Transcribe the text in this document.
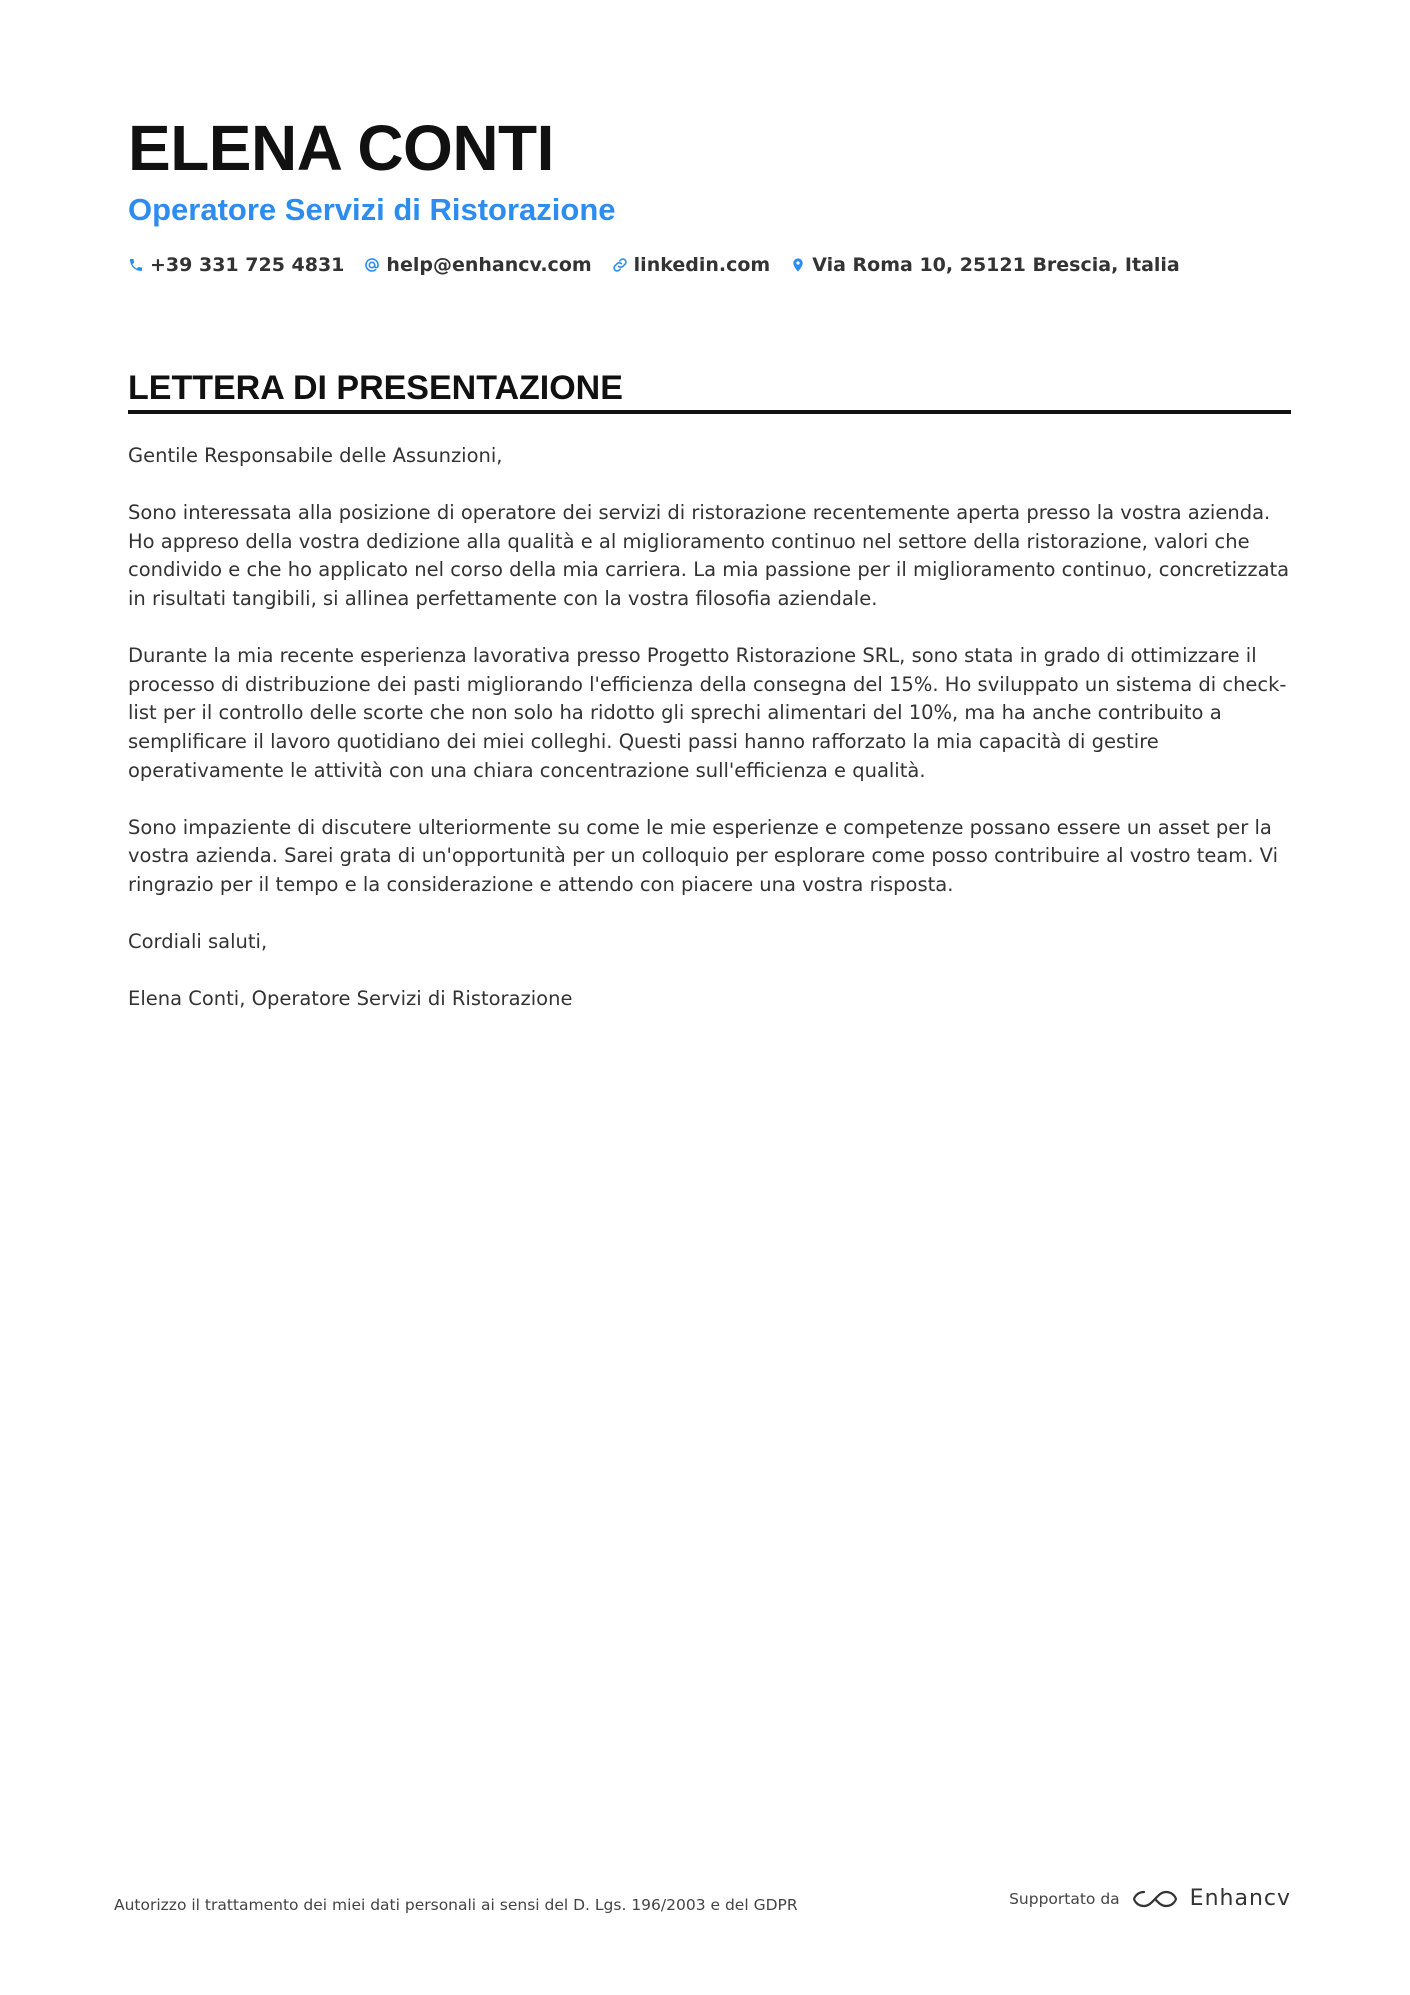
ELENA CONTI
Operatore Servizi di Ristorazione
+39 331 725 4831 help@enhancv.com linkedin.com Via Roma 10, 25121 Brescia, Italia
LETTERA DI PRESENTAZIONE

Gentile Responsabile delle Assunzioni,

Sono interessata alla posizione di operatore dei servizi di ristorazione recentemente aperta presso la vostra azienda. Ho appreso della vostra dedizione alla qualità e al miglioramento continuo nel settore della ristorazione, valori che condivido e che ho applicato nel corso della mia carriera. La mia passione per il miglioramento continuo, concretizzata in risultati tangibili, si allinea perfettamente con la vostra filosofia aziendale.

Durante la mia recente esperienza lavorativa presso Progetto Ristorazione SRL, sono stata in grado di ottimizzare il processo di distribuzione dei pasti migliorando l'efficienza della consegna del 15%. Ho sviluppato un sistema di check-list per il controllo delle scorte che non solo ha ridotto gli sprechi alimentari del 10%, ma ha anche contribuito a semplificare il lavoro quotidiano dei miei colleghi. Questi passi hanno rafforzato la mia capacità di gestire operativamente le attività con una chiara concentrazione sull'efficienza e qualità.

Sono impaziente di discutere ulteriormente su come le mie esperienze e competenze possano essere un asset per la vostra azienda. Sarei grata di un'opportunità per un colloquio per esplorare come posso contribuire al vostro team. Vi ringrazio per il tempo e la considerazione e attendo con piacere una vostra risposta.

Cordiali saluti,

Elena Conti, Operatore Servizi di Ristorazione

Autorizzo il trattamento dei miei dati personali ai sensi del D. Lgs. 196/2003 e del GDPR	Supportato da	Enhancv
